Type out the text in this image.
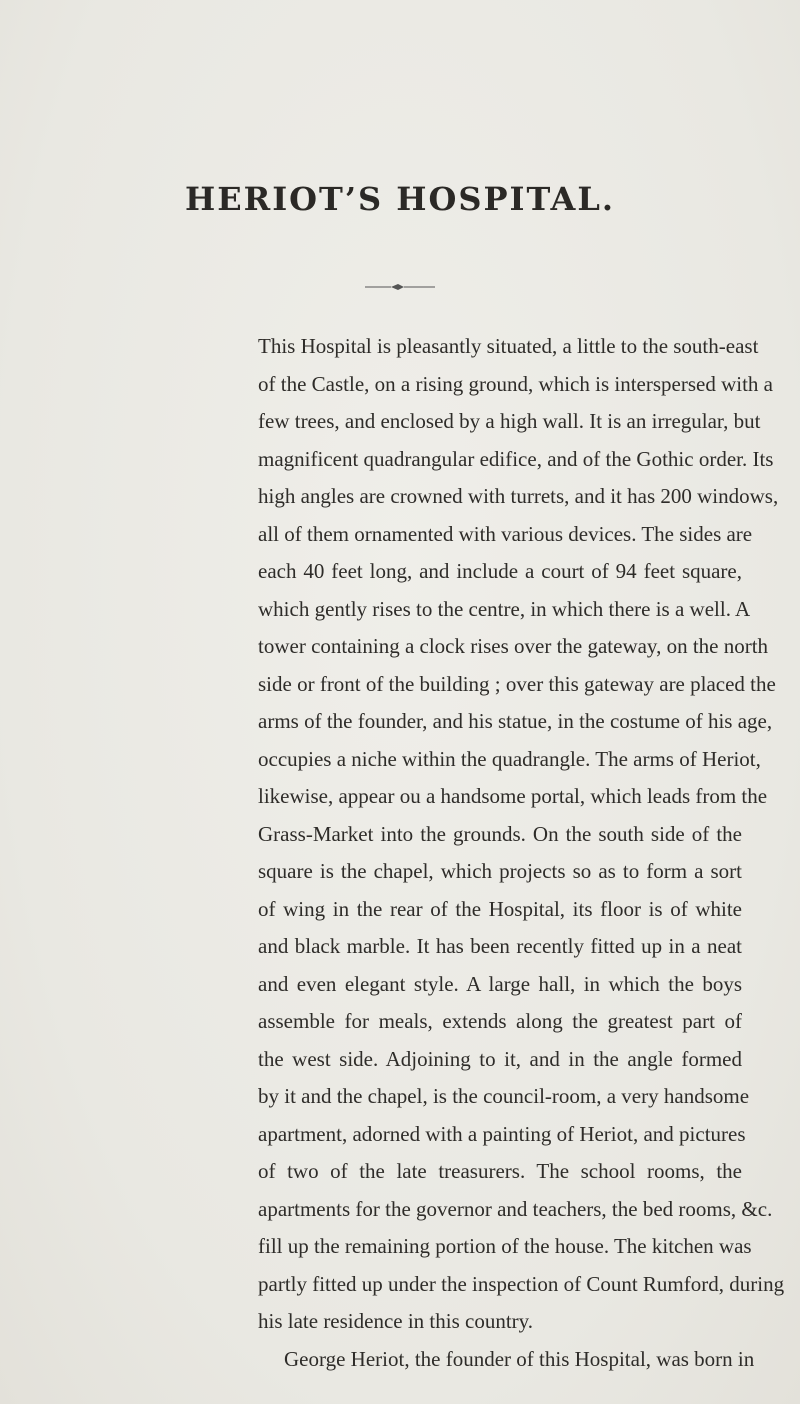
HERIOT’S HOSPITAL.
This Hospital is pleasantly situated, a little to the south-east
of the Castle, on a rising ground, which is interspersed with a
few trees, and enclosed by a high wall. It is an irregular, but
magnificent quadrangular edifice, and of the Gothic order. Its
high angles are crowned with turrets, and it has 200 windows,
all of them ornamented with various devices. The sides are
each 40 feet long, and include a court of 94 feet square,
which gently rises to the centre, in which there is a well. A
tower containing a clock rises over the gateway, on the north
side or front of the building ; over this gateway are placed the
arms of the founder, and his statue, in the costume of his age,
occupies a niche within the quadrangle. The arms of Heriot,
likewise, appear ou a handsome portal, which leads from the
Grass-Market into the grounds. On the south side of the
square is the chapel, which projects so as to form a sort
of wing in the rear of the Hospital, its floor is of white
and black marble. It has been recently fitted up in a neat
and even elegant style. A large hall, in which the boys
assemble for meals, extends along the greatest part of
the west side. Adjoining to it, and in the angle formed
by it and the chapel, is the council-room, a very handsome
apartment, adorned with a painting of Heriot, and pictures
of two of the late treasurers. The school rooms, the
apartments for the governor and teachers, the bed rooms, &c.
fill up the remaining portion of the house. The kitchen was
partly fitted up under the inspection of Count Rumford, during
his late residence in this country.
George Heriot, the founder of this Hospital, was born in
